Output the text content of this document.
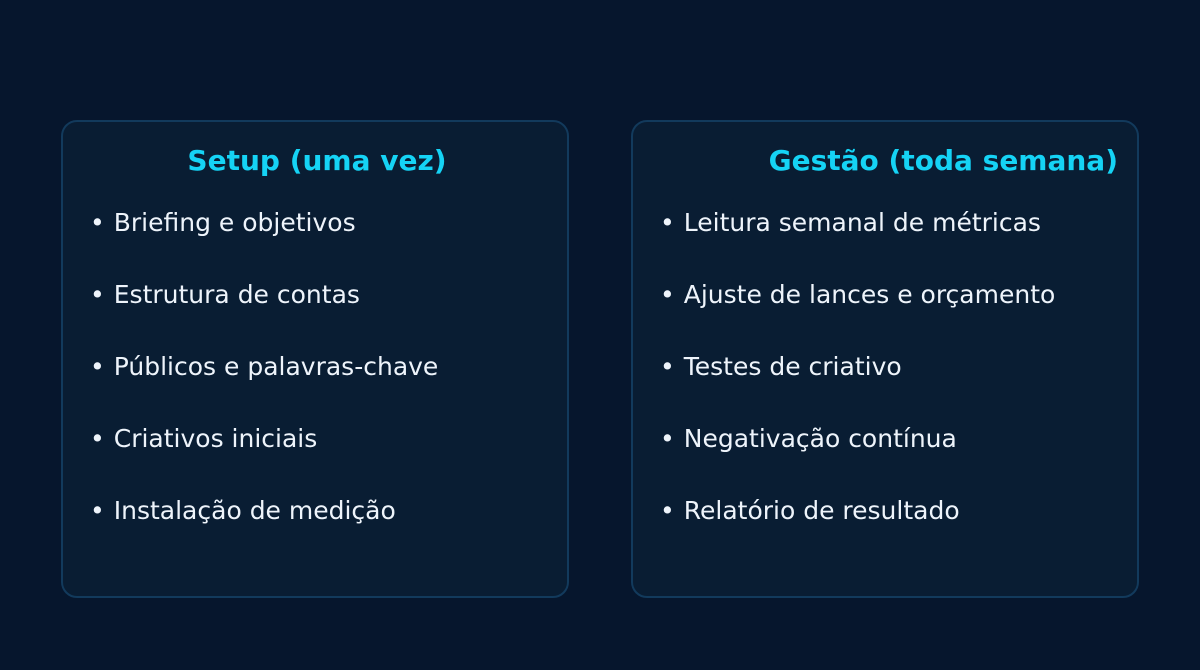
Setup (uma vez)
• Briefing e objetivos
• Estrutura de contas
• Públicos e palavras-chave
• Criativos iniciais
• Instalação de medição
Gestão (toda semana)
• Leitura semanal de métricas
• Ajuste de lances e orçamento
• Testes de criativo
• Negativação contínua
• Relatório de resultado
